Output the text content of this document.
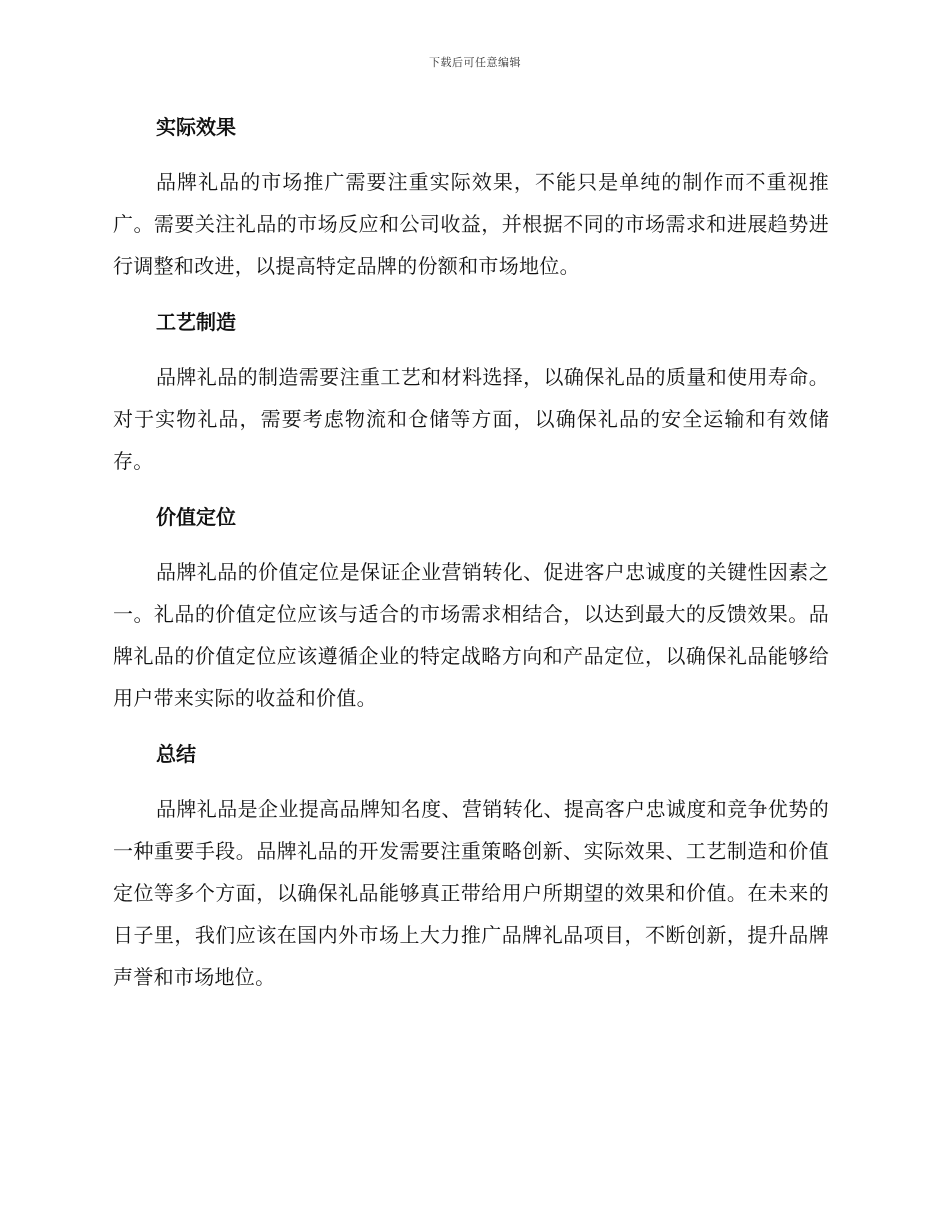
下载后可任意编辑
实际效果

品牌礼品的市场推广需要注重实际效果，不能只是单纯的制作而不重视推广。需要关注礼品的市场反应和公司收益，并根据不同的市场需求和进展趋势进行调整和改进，以提高特定品牌的份额和市场地位。

工艺制造

品牌礼品的制造需要注重工艺和材料选择，以确保礼品的质量和使用寿命。对于实物礼品，需要考虑物流和仓储等方面，以确保礼品的安全运输和有效储存。

价值定位

品牌礼品的价值定位是保证企业营销转化、促进客户忠诚度的关键性因素之一。礼品的价值定位应该与适合的市场需求相结合，以达到最大的反馈效果。品牌礼品的价值定位应该遵循企业的特定战略方向和产品定位，以确保礼品能够给用户带来实际的收益和价值。

总结

品牌礼品是企业提高品牌知名度、营销转化、提高客户忠诚度和竞争优势的一种重要手段。品牌礼品的开发需要注重策略创新、实际效果、工艺制造和价值定位等多个方面，以确保礼品能够真正带给用户所期望的效果和价值。在未来的日子里，我们应该在国内外市场上大力推广品牌礼品项目，不断创新，提升品牌声誉和市场地位。
